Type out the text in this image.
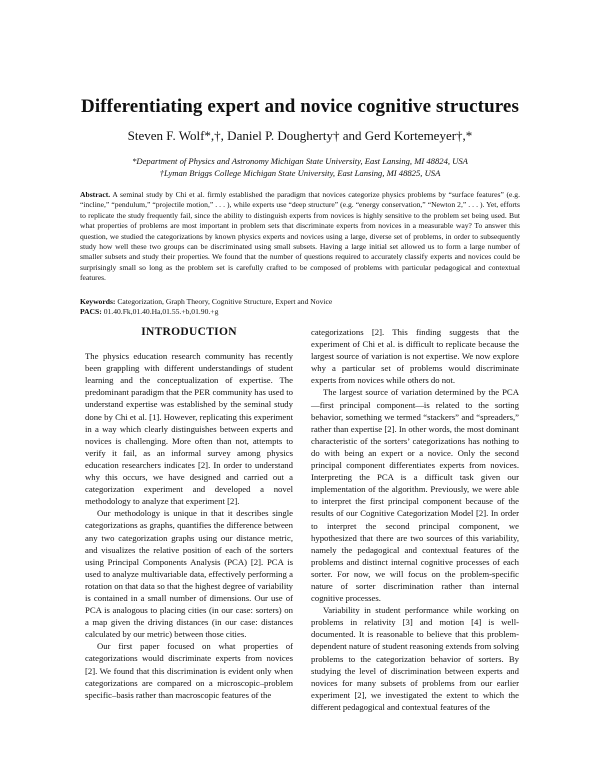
Differentiating expert and novice cognitive structures
Steven F. Wolf*,†, Daniel P. Dougherty† and Gerd Kortemeyer†,*
*Department of Physics and Astronomy Michigan State University, East Lansing, MI 48824, USA
†Lyman Briggs College Michigan State University, East Lansing, MI 48825, USA
Abstract. A seminal study by Chi et al. firmly established the paradigm that novices categorize physics problems by “surface features” (e.g. “incline,” “pendulum,” “projectile motion,” . . . ), while experts use “deep structure” (e.g. “energy conservation,” “Newton 2,” . . . ). Yet, efforts to replicate the study frequently fail, since the ability to distinguish experts from novices is highly sensitive to the problem set being used. But what properties of problems are most important in problem sets that discriminate experts from novices in a measurable way? To answer this question, we studied the categorizations by known physics experts and novices using a large, diverse set of problems, in order to subsequently study how well these two groups can be discriminated using small subsets. Having a large initial set allowed us to form a large number of smaller subsets and study their properties. We found that the number of questions required to accurately classify experts and novices could be surprisingly small so long as the problem set is carefully crafted to be composed of problems with particular pedagogical and contextual features.
Keywords: Categorization, Graph Theory, Cognitive Structure, Expert and Novice
PACS: 01.40.Fk,01.40.Ha,01.55.+b,01.90.+g
INTRODUCTION

The physics education research community has recently been grappling with different understandings of student learning and the conceptualization of expertise. The predominant paradigm that the PER community has used to understand expertise was established by the seminal study done by Chi et al. [1]. However, replicating this experiment in a way which clearly distinguishes between experts and novices is challenging. More often than not, attempts to verify it fail, as an informal survey among physics education researchers indicates [2]. In order to understand why this occurs, we have designed and carried out a categorization experiment and developed a novel methodology to analyze that experiment [2].

Our methodology is unique in that it describes single categorizations as graphs, quantifies the difference between any two categorization graphs using our distance metric, and visualizes the relative position of each of the sorters using Principal Components Analysis (PCA) [2]. PCA is used to analyze multivariable data, effectively performing a rotation on that data so that the highest degree of variability is contained in a small number of dimensions. Our use of PCA is analogous to placing cities (in our case: sorters) on a map given the driving distances (in our case: distances calculated by our metric) between those cities.

Our first paper focused on what properties of categorizations would discriminate experts from novices [2]. We found that this discrimination is evident only when categorizations are compared on a microscopic–problem specific–basis rather than macroscopic features of the

categorizations [2]. This finding suggests that the experiment of Chi et al. is difficult to replicate because the largest source of variation is not expertise. We now explore why a particular set of problems would discriminate experts from novices while others do not.

The largest source of variation determined by the PCA—first principal component—is related to the sorting behavior, something we termed “stackers” and “spreaders,” rather than expertise [2]. In other words, the most dominant characteristic of the sorters’ categorizations has nothing to do with being an expert or a novice. Only the second principal component differentiates experts from novices. Interpreting the PCA is a difficult task given our implementation of the algorithm. Previously, we were able to interpret the first principal component because of the results of our Cognitive Categorization Model [2]. In order to interpret the second principal component, we hypothesized that there are two sources of this variability, namely the pedagogical and contextual features of the problems and distinct internal cognitive processes of each sorter. For now, we will focus on the problem-specific nature of sorter discrimination rather than internal cognitive processes.

Variability in student performance while working on problems in relativity [3] and motion [4] is well-documented. It is reasonable to believe that this problem-dependent nature of student reasoning extends from solving problems to the categorization behavior of sorters. By studying the level of discrimination between experts and novices for many subsets of problems from our earlier experiment [2], we investigated the extent to which the different pedagogical and contextual features of the
